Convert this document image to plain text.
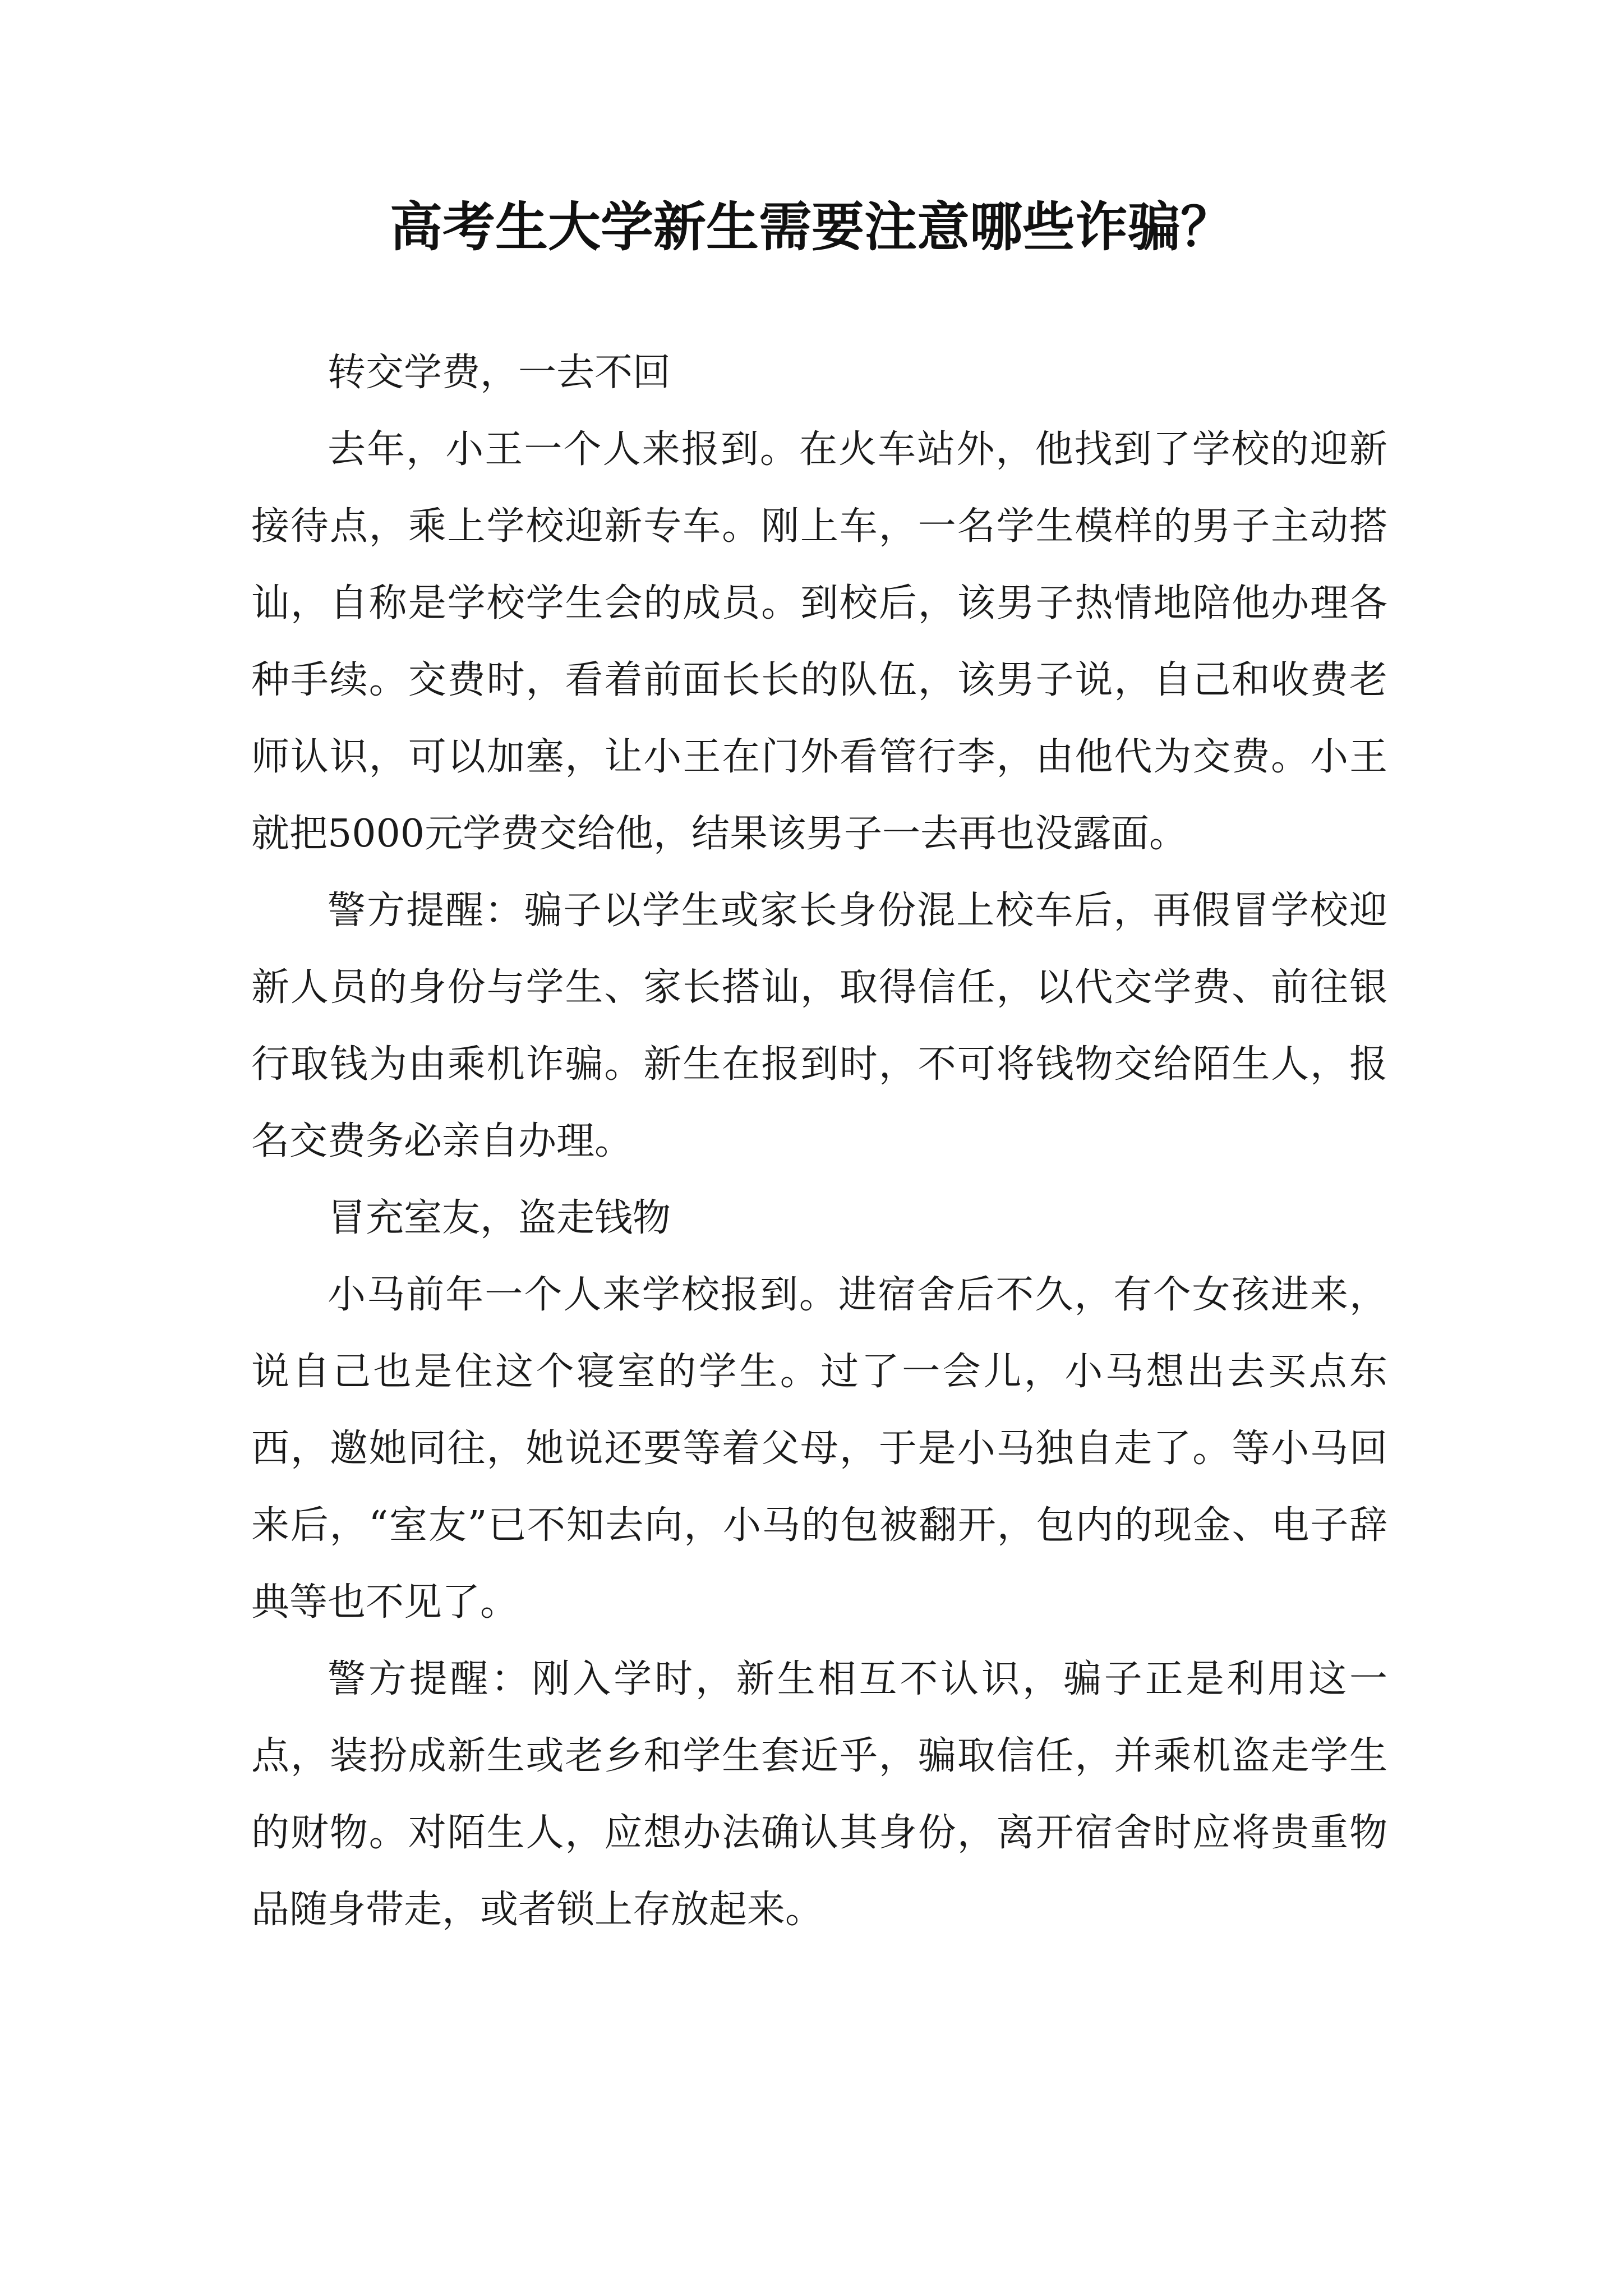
高考生大学新生需要注意哪些诈骗？

转交学费，一去不回

去年，小王一个人来报到。在火车站外，他找到了学校的迎新接待点，乘上学校迎新专车。刚上车，一名学生模样的男子主动搭讪，自称是学校学生会的成员。到校后，该男子热情地陪他办理各种手续。交费时，看着前面长长的队伍，该男子说，自己和收费老师认识，可以加塞，让小王在门外看管行李，由他代为交费。小王就把5000元学费交给他，结果该男子一去再也没露面。

警方提醒：骗子以学生或家长身份混上校车后，再假冒学校迎新人员的身份与学生、家长搭讪，取得信任，以代交学费、前往银行取钱为由乘机诈骗。新生在报到时，不可将钱物交给陌生人，报名交费务必亲自办理。

冒充室友，盗走钱物

小马前年一个人来学校报到。进宿舍后不久，有个女孩进来，说自己也是住这个寝室的学生。过了一会儿，小马想出去买点东西，邀她同往，她说还要等着父母，于是小马独自走了。等小马回来后，“室友”已不知去向，小马的包被翻开，包内的现金、电子辞典等也不见了。

警方提醒：刚入学时，新生相互不认识，骗子正是利用这一点，装扮成新生或老乡和学生套近乎，骗取信任，并乘机盗走学生的财物。对陌生人，应想办法确认其身份，离开宿舍时应将贵重物品随身带走，或者锁上存放起来。
